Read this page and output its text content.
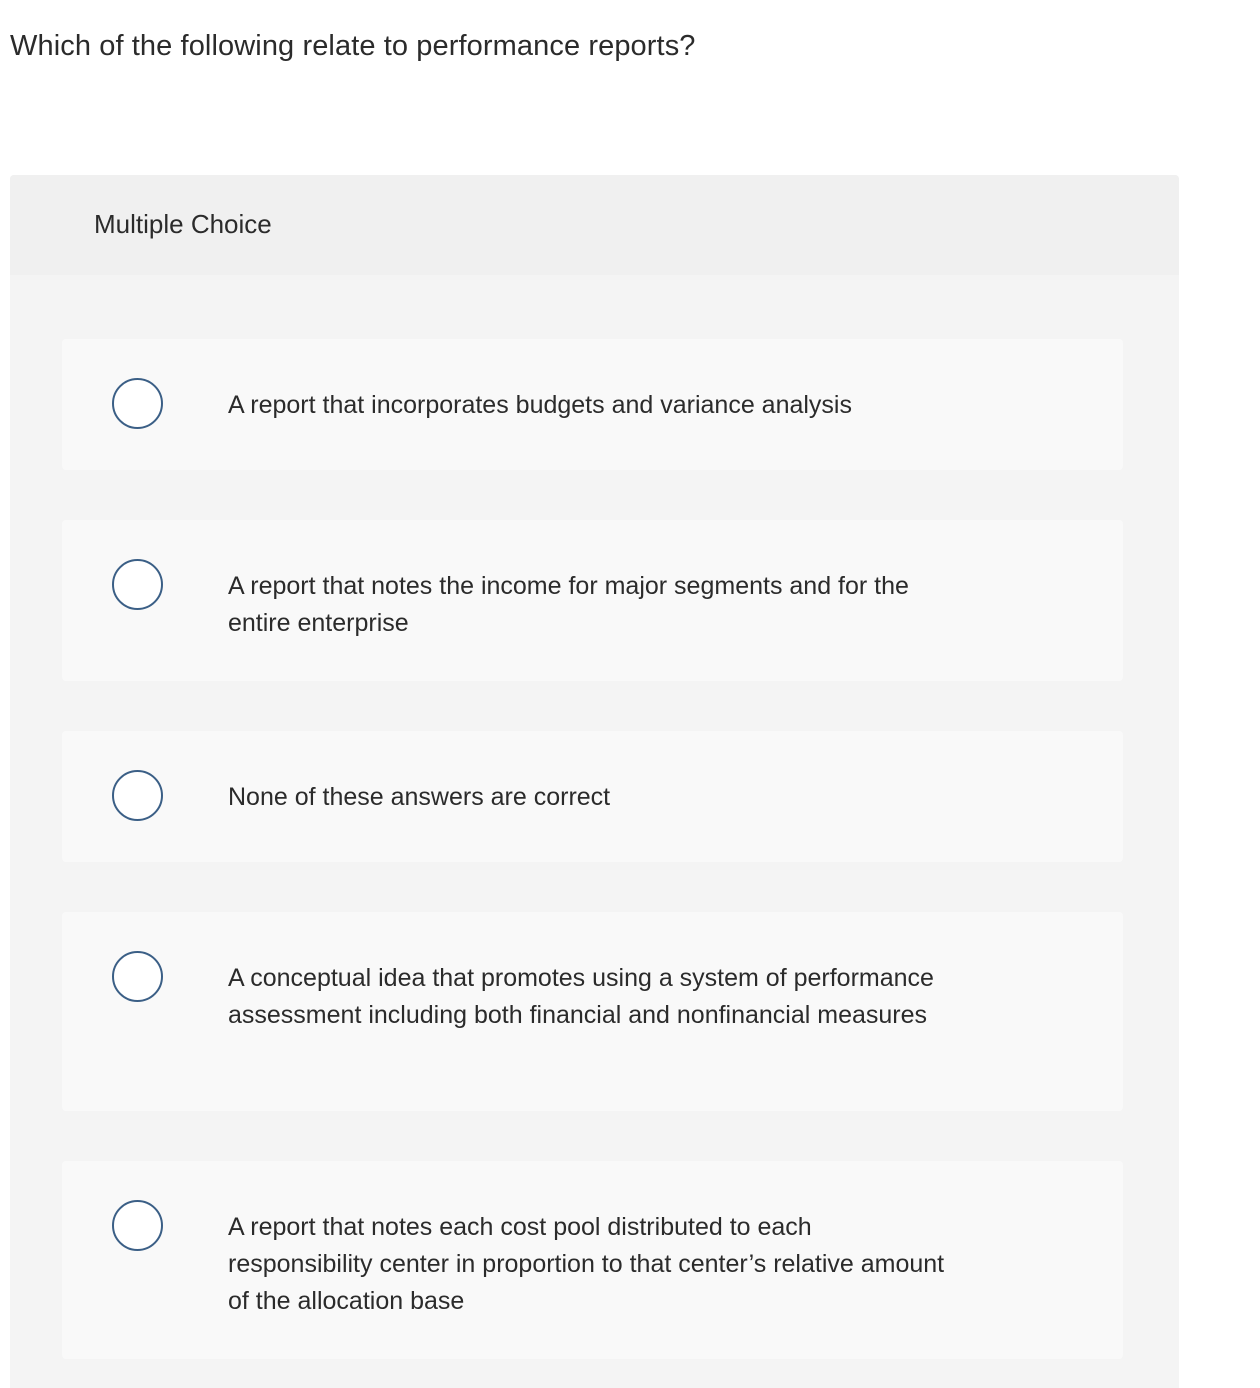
Which of the following relate to performance reports?
Multiple Choice
A report that incorporates budgets and variance analysis
A report that notes the income for major segments and for the entire enterprise
None of these answers are correct
A conceptual idea that promotes using a system of performance assessment including both financial and nonfinancial measures
A report that notes each cost pool distributed to each responsibility center in proportion to that center’s relative amount of the allocation base
